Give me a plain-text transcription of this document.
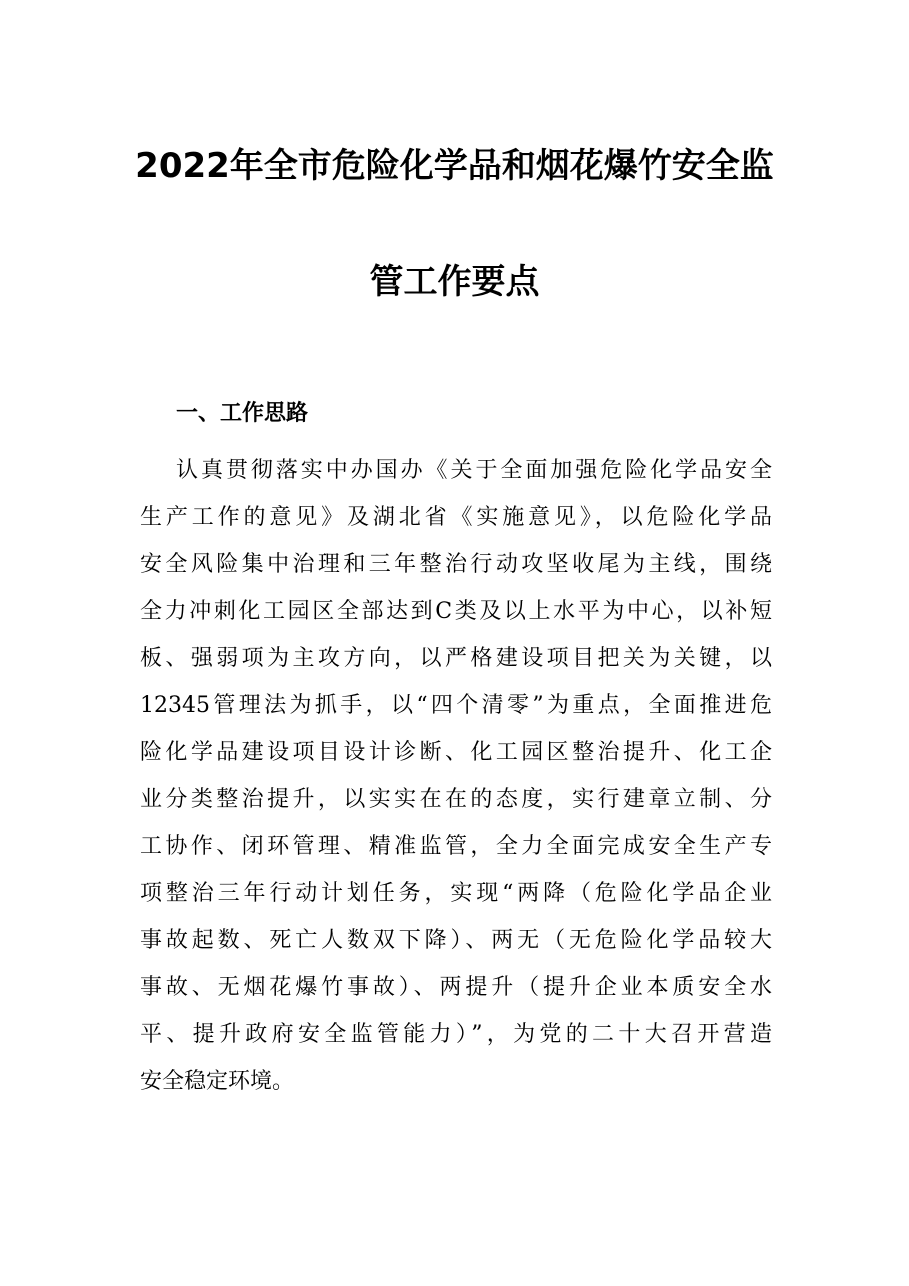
2022年全市危险化学品和烟花爆竹安全监
管工作要点
一、工作思路
认真贯彻落实中办国办《关于全面加强危险化学品安全
生产工作的意见》及湖北省《实施意见》，以危险化学品
安全风险集中治理和三年整治行动攻坚收尾为主线，围绕
全力冲刺化工园区全部达到C类及以上水平为中心，以补短
板、强弱项为主攻方向，以严格建设项目把关为关键，以
12345管理法为抓手，以“四个清零”为重点，全面推进危
险化学品建设项目设计诊断、化工园区整治提升、化工企
业分类整治提升，以实实在在的态度，实行建章立制、分
工协作、闭环管理、精准监管，全力全面完成安全生产专
项整治三年行动计划任务，实现“两降（危险化学品企业
事故起数、死亡人数双下降）、两无（无危险化学品较大
事故、无烟花爆竹事故）、两提升（提升企业本质安全水
平、提升政府安全监管能力）”，为党的二十大召开营造
安全稳定环境。
